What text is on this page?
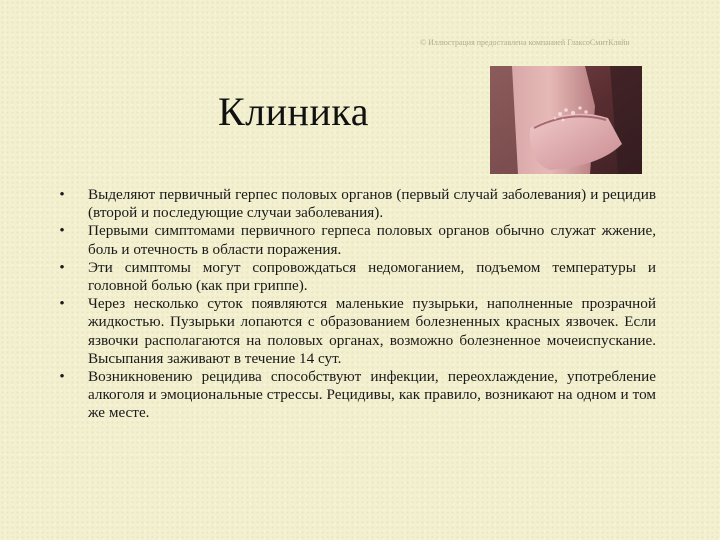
© Иллюстрация предоставлена компанией ГлаксоСмитКляйн
Клиника
• Выделяют первичный герпес половых органов (первый случай заболевания) и рецидив (второй и последующие случаи заболевания).
• Первыми симптомами первичного герпеса половых органов обычно служат жжение, боль и отечность в области поражения.
• Эти симптомы могут сопровождаться недомоганием, подъемом температуры и головной болью (как при гриппе).
• Через несколько суток появляются маленькие пузырьки, наполненные прозрачной жидкостью. Пузырьки лопаются с образованием болезненных красных язвочек. Если язвочки располагаются на половых органах, возможно болезненное мочеиспускание. Высыпания заживают в течение 14 сут.
• Возникновению рецидива способствуют инфекции, переохлаждение, употребление алкоголя и эмоциональные стрессы. Рецидивы, как правило, возникают на одном и том же месте.
